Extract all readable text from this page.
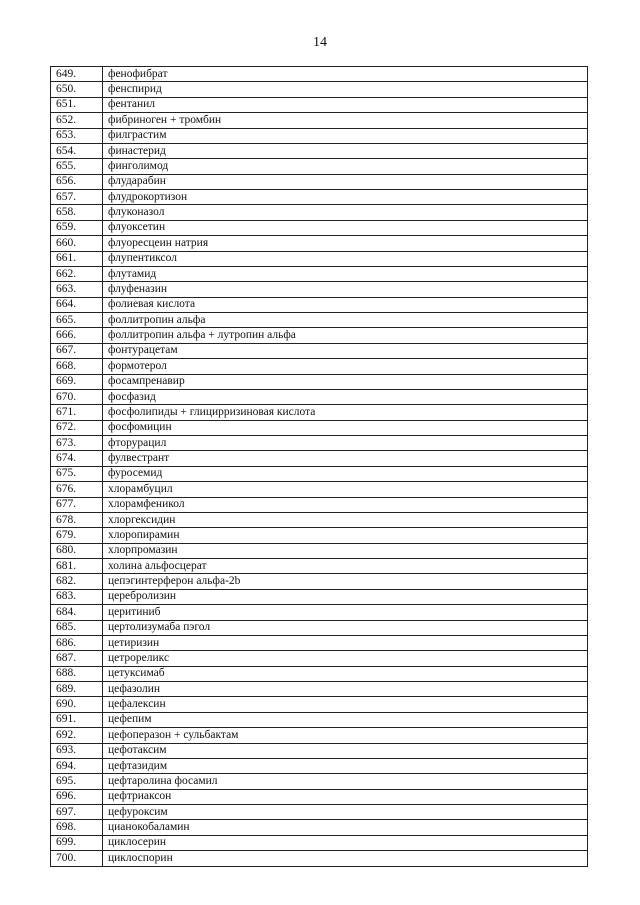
14
649.	фенофибрат
650.	фенспирид
651.	фентанил
652.	фибриноген + тромбин
653.	филграстим
654.	финастерид
655.	финголимод
656.	флударабин
657.	флудрокортизон
658.	флуконазол
659.	флуоксетин
660.	флуоресцеин натрия
661.	флупентиксол
662.	флутамид
663.	флуфеназин
664.	фолиевая кислота
665.	фоллитропин альфа
666.	фоллитропин альфа + лутропин альфа
667.	фонтурацетам
668.	формотерол
669.	фосампренавир
670.	фосфазид
671.	фосфолипиды + глицирризиновая кислота
672.	фосфомицин
673.	фторурацил
674.	фулвестрант
675.	фуросемид
676.	хлорамбуцил
677.	хлорамфеникол
678.	хлоргексидин
679.	хлоропирамин
680.	хлорпромазин
681.	холина альфосцерат
682.	цепэгинтерферон альфа-2b
683.	церебролизин
684.	церитиниб
685.	цертолизумаба пэгол
686.	цетиризин
687.	цетрореликс
688.	цетуксимаб
689.	цефазолин
690.	цефалексин
691.	цефепим
692.	цефоперазон + сульбактам
693.	цефотаксим
694.	цефтазидим
695.	цефтаролина фосамил
696.	цефтриаксон
697.	цефуроксим
698.	цианокобаламин
699.	циклосерин
700.	циклоспорин
